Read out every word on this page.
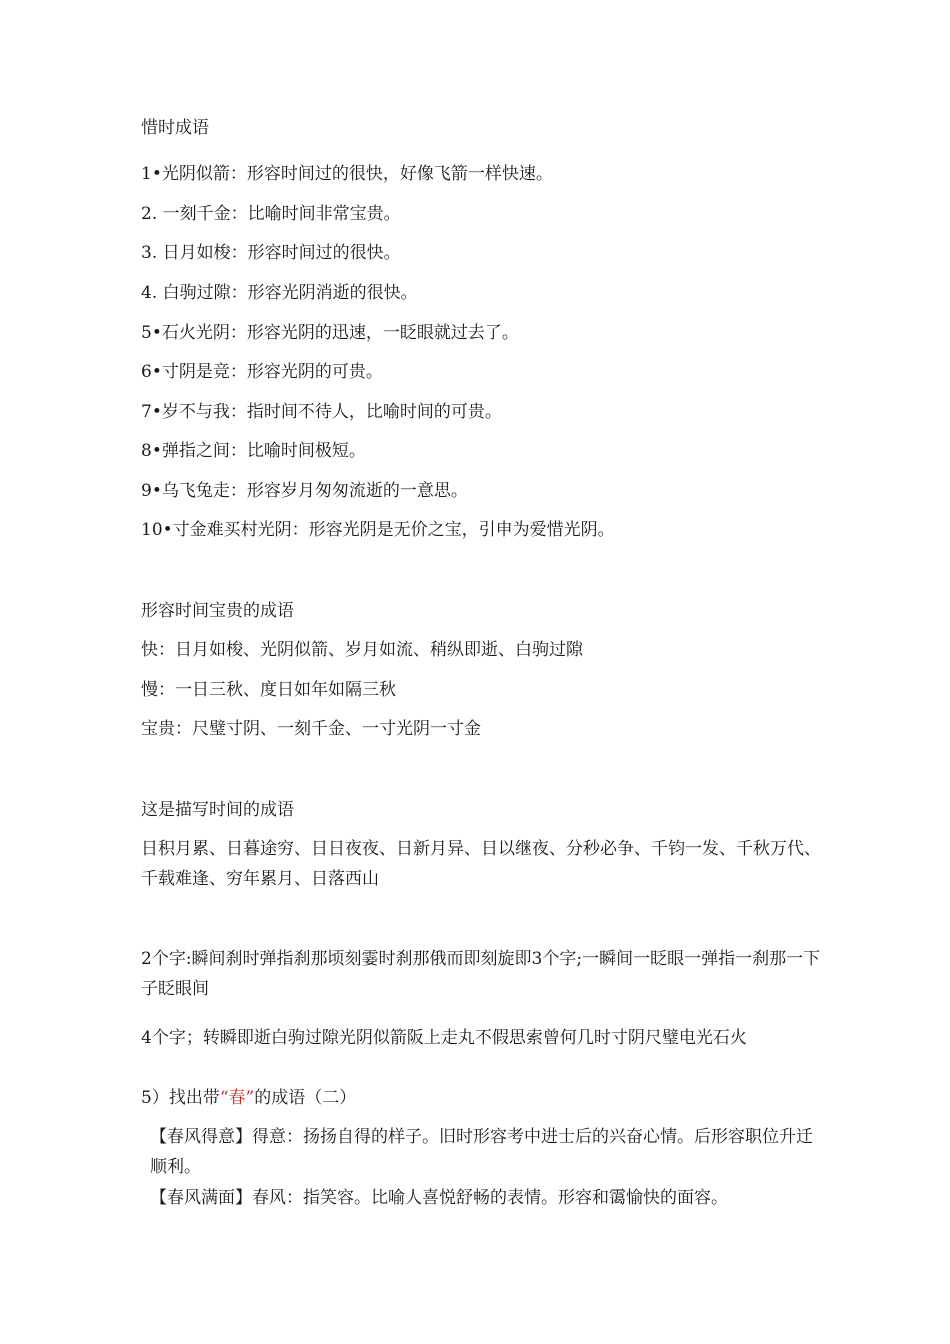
惜时成语
1•光阴似箭：形容时间过的很快，好像飞箭一样快速。
2. 一刻千金：比喻时间非常宝贵。
3. 日月如梭：形容时间过的很快。
4. 白驹过隙：形容光阴消逝的很快。
5•石火光阴：形容光阴的迅速，一眨眼就过去了。
6•寸阴是竞：形容光阴的可贵。
7•岁不与我：指时间不待人，比喻时间的可贵。
8•弹指之间：比喻时间极短。
9•乌飞兔走：形容岁月匆匆流逝的一意思。
10•寸金难买村光阴：形容光阴是无价之宝，引申为爱惜光阴。
形容时间宝贵的成语
快：日月如梭、光阴似箭、岁月如流、稍纵即逝、白驹过隙
慢：一日三秋、度日如年如隔三秋
宝贵：尺璧寸阴、一刻千金、一寸光阴一寸金
这是描写时间的成语
日积月累、日暮途穷、日日夜夜、日新月异、日以继夜、分秒必争、千钧一发、千秋万代、千载难逢、穷年累月、日落西山
2个字:瞬间刹时弹指刹那顷刻霎时刹那俄而即刻旋即3个字;一瞬间一眨眼一弹指一刹那一下子眨眼间
4个字；转瞬即逝白驹过隙光阴似箭阪上走丸不假思索曾何几时寸阴尺璧电光石火
5）找出带“春”的成语（二）
【春风得意】得意：扬扬自得的样子。旧时形容考中进士后的兴奋心情。后形容职位升迁顺利。
【春风满面】春风：指笑容。比喻人喜悦舒畅的表情。形容和霭愉快的面容。
